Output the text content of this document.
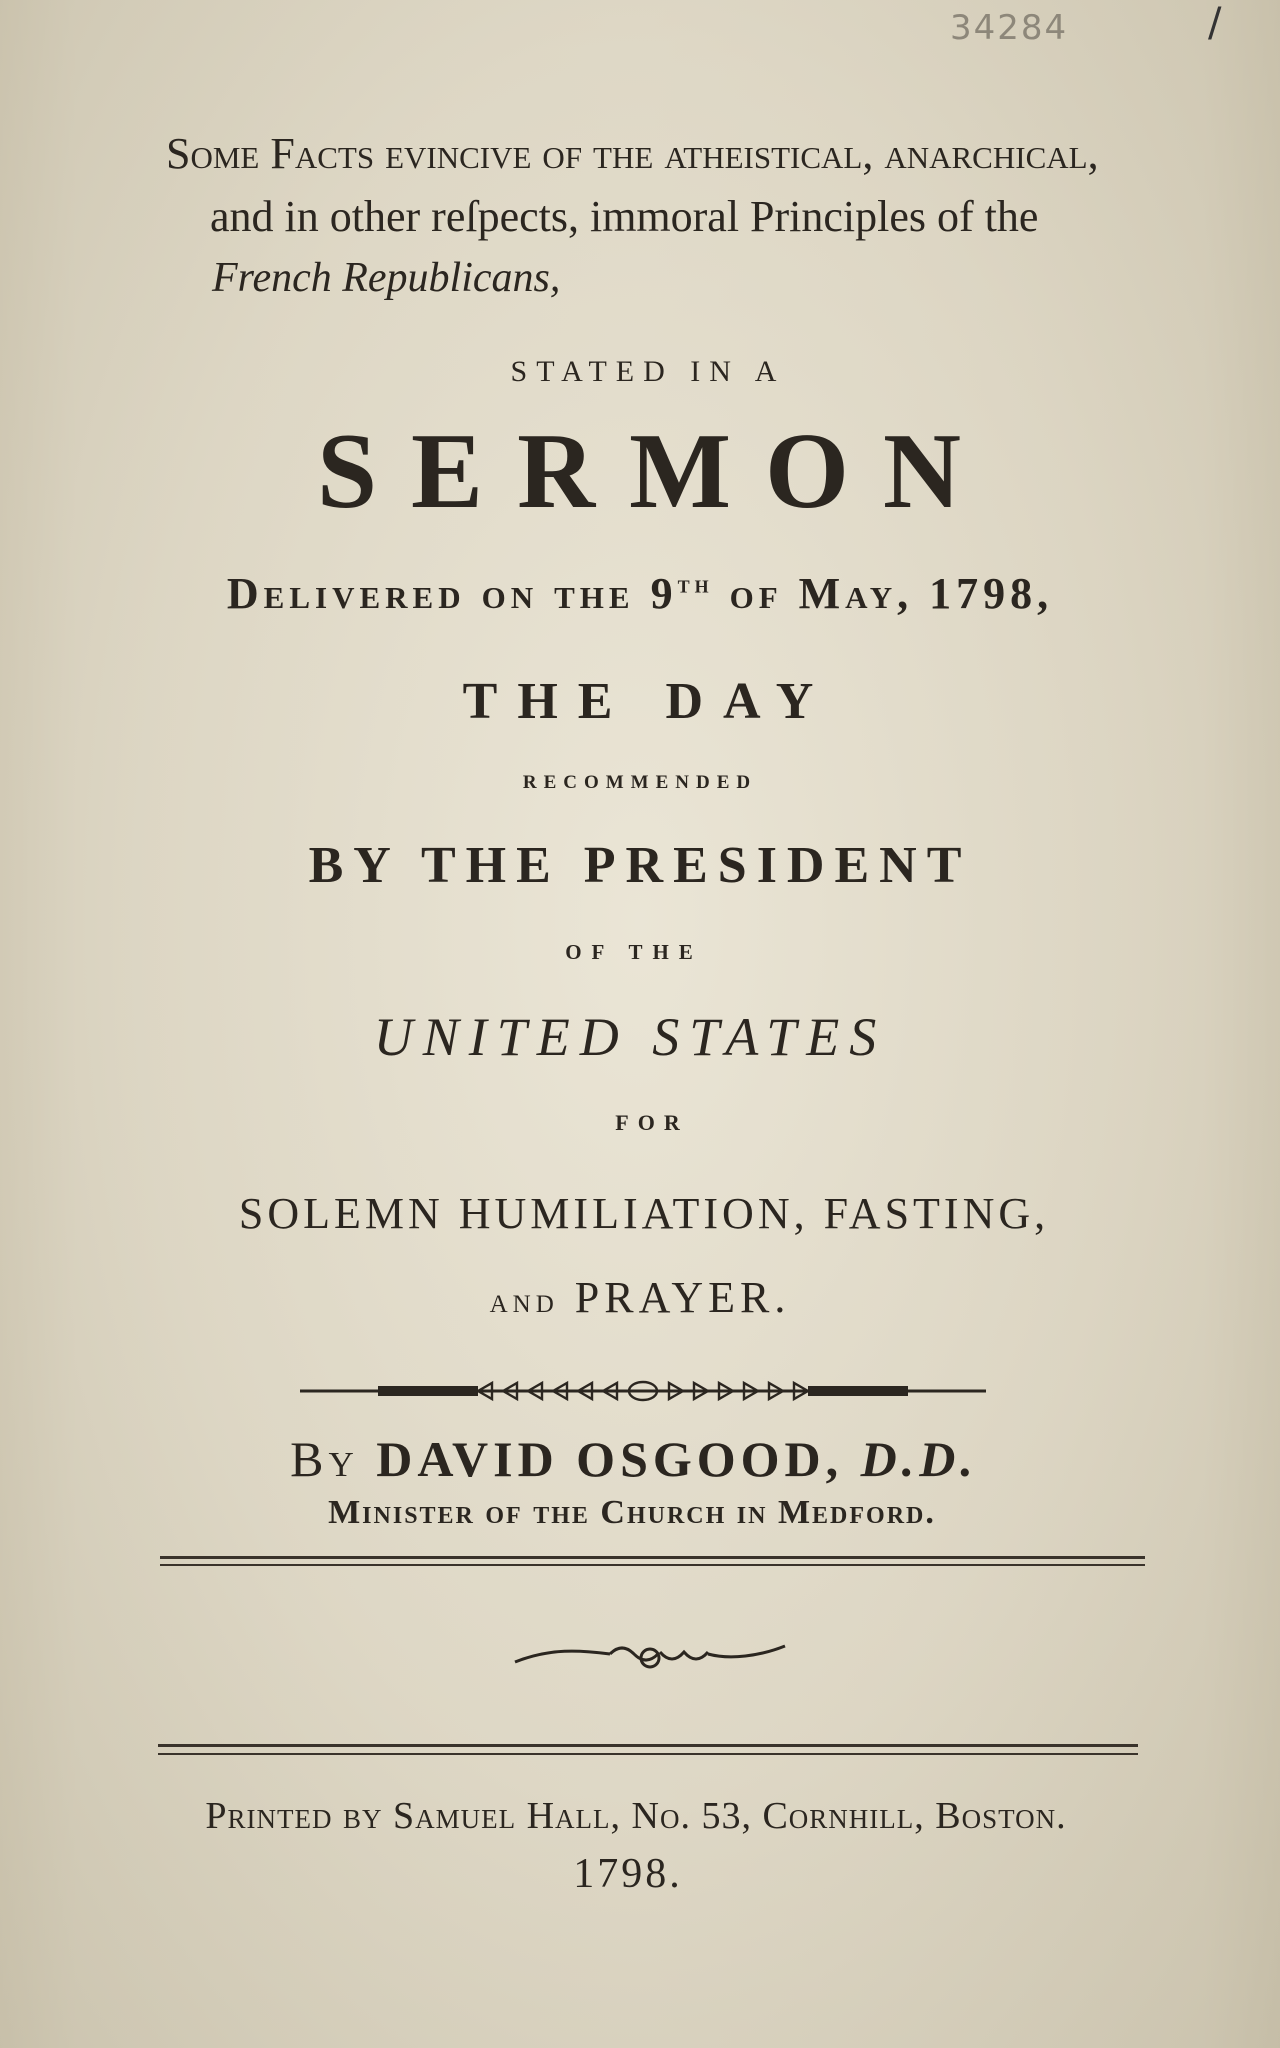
34284	/
Some Facts evincive of the atheiſtical, anarchical,
and in other reſpects, immoral Principles of the
French Republicans,
STATED IN A
SERMON
Delivered on the 9th of May, 1798,
THE DAY
RECOMMENDED
BY THE PRESIDENT
OF THE
UNITED STATES
FOR
SOLEMN HUMILIATION, FASTING,
and PRAYER.
By DAVID OSGOOD, D.D.
Minister of the Church in Medford.
Printed by Samuel Hall, No. 53, Cornhill, Boston.
1798.
